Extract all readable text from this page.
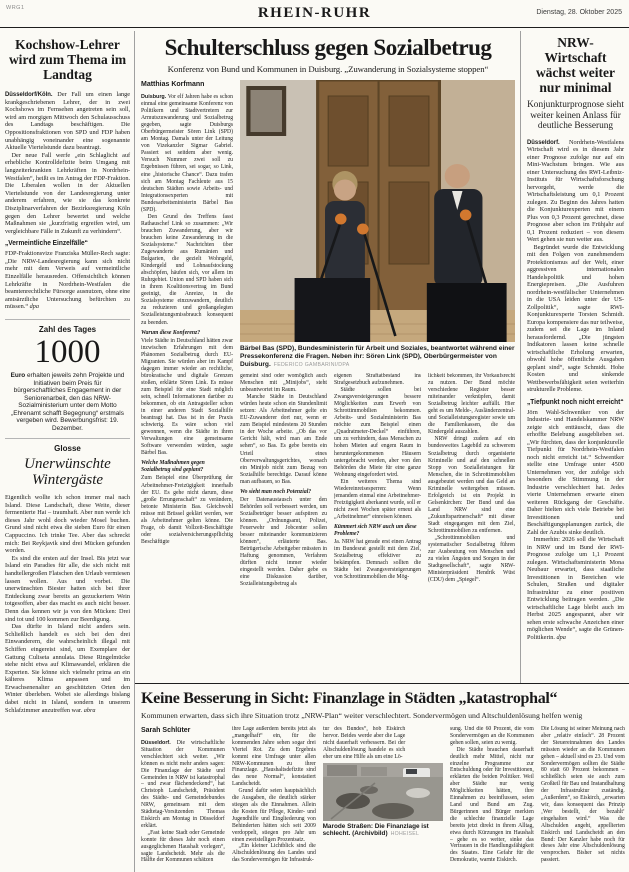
WRG1	RHEIN-RUHR	Dienstag, 28. Oktober 2025
Kochshow-Lehrer wird zum Thema im Landtag

Düsseldorf/Köln. Der Fall um einen lange krankgeschriebenen Lehrer, der in zwei Kochshows im Fernsehen angetreten sein soll, wird am morgigen Mittwoch den Schulausschuss des Landtags beschäftigen. Die Oppositionsfraktionen von SPD und FDP haben unabhängig voneinander eine sogenannte Aktuelle Viertelstunde dazu beantragt.

Der neue Fall werfe „ein Schlaglicht auf erhebliche Kontrolldefizite beim Umgang mit langzeiterkrankten Lehrkräften in Nordrhein-Westfalen“, heißt es im Antrag der FDP-Fraktion. Die Liberalen wollen in der Aktuellen Viertelstunde von der Landesregierung unter anderem erfahren, wie sie das konkrete Disziplinarverfahren der Bezirksregierung Köln gegen den Lehrer bewertet und welche Maßnahmen sie „kurzfristig ergreifen wird, um vergleichbare Fälle in Zukunft zu verhindern“.

„Vermeintliche Einzelfälle“

FDP-Fraktionsvize Franziska Müller-Rech sagte: „Die NRW-Landesregierung kann sich nicht mehr mit dem Verweis auf vermeintliche Einzelfälle herausreden. Offensichtlich können Lehrkräfte in Nordrhein-Westfalen die beamtenrechtliche Fürsorge ausnutzen, ohne eine amtsärztliche Untersuchung befürchten zu müssen.“ dpa

Zahl des Tages
1000

Euro erhalten jeweils zehn Projekte und Initiativen beim Preis für bürgerschaftliches Engagement in der Seniorenarbeit, den das NRW-Sozialministerium unter dem Motto „Ehrenamt schafft Begegnung“ erstmals vergeben wird. Bewerbungsfrist: 19. Dezember.

Glosse
Unerwünschte Wintergäste

Eigentlich wollte ich schon immer mal nach Island. Diese Landschaft, diese Weite, dieser fermentierte Hai – traumhaft. Aber nun werde ich dieses Jahr wohl doch wieder Mosel buchen. Grund sind nicht etwa die sieben Euro für einen Cappuccino. Ich trinke Tee. Aber das schreckt mich: Bei Reykjavik sind drei Mücken gefunden worden.

Es sind die ersten auf der Insel. Bis jetzt war Island ein Paradies für alle, die sich nicht mit handtellergroßen Flatschen den Urlaub vermiesen lassen wollen. Aus und vorbei. Die unerwünschten Biester hatten sich bei ihrer Entdeckung zwar bereits an gezuckertem Wein totgesoffen, aber das macht es auch nicht besser. Denn das kennen wir ja von den Mücken: Drei sind tot und 100 kommen zur Beerdigung.

Das dürfte in Island nicht anders sein. Schließlich handelt es sich bei den drei Einwanderern, die wahrscheinlich illegal mit Schiffen eingereist sind, um Exemplare der Gattung Culiseta annulata. Diese Ringelmücke stehe nicht etwa auf Klimawandel, erklären die Experten. Sie könne sich vielmehr prima an ein kälteres Klima anpassen und im Erwachsenenalter an geschützten Orten den Winter überleben. Wobei sie allerdings bislang dabei nicht in Island, sondern in unserem Schlafzimmer anzutreffen war. abra

Schulterschluss gegen Sozialbetrug

Konferenz von Bund und Kommunen in Duisburg. „Zuwanderung in Sozialsysteme stoppen“

Matthias Korfmann

Duisburg. Vor elf Jahren habe es schon einmal eine gemeinsame Konferenz von Politikern und Stadtvertretern zur Armutszuwanderung und Sozialbetrug gegeben, sagte Duisburgs Oberbürgermeister Sören Link (SPD) am Montag. Damals unter der Leitung von Vizekanzler Sigmar Gabriel. Passiert sei seitdem aber wenig. Versuch Nummer zwei soll zu Ergebnissen führen, sei sogar, so Link, eine „historische Chance“. Dazu trafen sich am Montag Fachleute aus 15 deutschen Städten sowie Arbeits- und Integrationsexperten mit Bundesarbeitsministerin Bärbel Bas (SPD).

Den Grund des Treffens fasst Rathauschef Link so zusammen: „Wir brauchen Zuwanderung, aber wir brauchen keine Zuwanderung in die Sozialsysteme.“ Nachrichten über Zugewanderte aus Rumänien und Bulgarien, die gezielt Wohngeld, Kindergeld und Lohnaufstockung abschöpfen, häufen sich, vor allem im Ruhrgebiet. Union und SPD haben sich in ihrem Koalitionsvertrag im Bund geeinigt, die Anreize, in die Sozialsysteme einzuwandern, deutlich zu reduzieren und großangelegten Sozialleistungsmissbrauch konsequent zu beenden.

Warum diese Konferenz?

Viele Städte in Deutschland hätten zwar inzwischen Erfahrungen mit dem Phänomen Sozialbetrug durch EU-Migranten. Sie würden aber im Kampf dagegen immer wieder an rechtliche, bürokratische und digitale Grenzen stoßen, erklärte Sören Link. Es müsse zum Beispiel für eine Stadt möglich sein, schnell Informationen darüber zu bekommen, ob ein Antragsteller schon in einer anderen Stadt Sozialhilfe beantragt hat. Das ist in der Praxis schwierig. Es wäre schon viel gewonnen, wenn die Städte in ihren Verwaltungen eine gemeinsame Software verwenden würden, sagte Bärbel Bas.

Welche Maßnahmen gegen Sozialbetrug sind geplant?

Zum Beispiel eine Überprüfung der Arbeitnehmer-Freizügigkeit innerhalb der EU. Es gehe nicht darum, diese „große Errungenschaft“ zu verändern, betonte Ministerin Bas. Gleichwohl müsse mit Brüssel geklärt werden, wer als Arbeitnehmer gelten könne. Die Frage, ob damit Vollzeit-Beschäftigte oder sozialversicherungspflichtig Beschäftigte

Bärbel Bas (SPD), Bundesministerin für Arbeit und Soziales, beantwortet während einer Pressekonferenz die Fragen. Neben ihr: Sören Link (SPD), Oberbürgermeister von Duisburg. FEDERICO GAMBARINI/DPA

gemeint sind oder womöglich auch Menschen mit „Minijobs“, steht unbeantwortet im Raum.

Manche Städte in Deutschland würden heute schon ein Stundenlimit setzen: Als Arbeitnehmer gelte ein EU-Zuwanderer dort nur, wenn er zum Beispiel mindestens 20 Stunden in der Woche arbeite. „Ob das vor Gericht hält, wird man am Ende sehen“, so Bas. Es gebe bereits ein Urteil eines Oberverwaltungsgerichtes, wonach ein Minijob nicht zum Bezug von Sozialhilfe berechtige. Darauf könne man aufbauen, so Bas.

Wo sieht man noch Potenzial?

Der Datenaustausch unter den Behörden soll verbessert werden, um Sozialbetrüger besser aufspüren zu können. „Ordnungsamt, Polizei, Feuerwehr und Jobcenter sollen besser miteinander kommunizieren können“, erläuterte Bas. Betrügerische Arbeitgeber müssten in Haftung genommen, Verfahren dürften nicht immer wieder eingestellt werden. Daher gebe es eine Diskussion darüber, Sozialleistungsbetrug als

eigenen Straftatbestand ins Strafgesetzbuch aufzunehmen.

Städte sollen bei Zwangsversteigerungen bessere Möglichkeiten zum Erwerb von Schrottimmobilien bekommen. Arbeits- und Sozialministerin Bas möchte zum Beispiel einen „Quadratmeter-Deckel“ einführen, um zu verhindern, dass Menschen zu hohen Mieten auf engem Raum in heruntergekommenen Häusern untergebracht werden, aber von den Behörden die Miete für eine ganze Wohnung eingefordert wird.

Ein weiteres Thema sind Wiedereinreisesperren: Wenn jemandem einmal eine Arbeitnehmer-Freizügigkeit aberkannt wurde, soll er nicht zwei Wochen später erneut als „Arbeitnehmer“ einreisen können.

Kümmert sich NRW auch um diese Probleme?

Ja. NRW hat gerade erst einen Antrag im Bundesrat gestellt mit dem Ziel, Sozialbetrug effektiver zu bekämpfen. Demnach sollten die Städte bei Zwangsversteigerungen von Schrottimmobilien die Mög-

lichkeit bekommen, ihr Vorkaufsrecht zu nutzen. Der Bund möchte verschiedene Register besser miteinander verknüpfen, damit Sozialbetrug leichter auffällt. Hier geht es um Melde-, Ausländerzentral- und Sozialleistungsregister sowie um die Familienkassen, die das Kindergeld auszahlen.

NRW dringt zudem auf ein bundesweites Lagebild zu schwerem Sozialbetrug durch organisierte Kriminelle und auf den schnellen Stopp von Sozialleistungen für Menschen, die in Schrottimmobilien ausgebeutet werden und das Geld an Kriminelle weitergeben müssen. Erfolgreich ist ein Projekt in Gelsenkirchen: Der Bund und das Land NRW sind eine „Zukunftspartnerschaft“ mit dieser Stadt eingegangen mit dem Ziel, Schrottimmobilien zu entfernen.

„Schrottimmobilien und systematischer Sozialbetrug führen zur Ausbeutung von Menschen und zu vielen Ängsten und Sorgen in der Stadtgesellschaft“, sagte NRW-Ministerpräsident Hendrik Wüst (CDU) dem „Spiegel“.

NRW-Wirtschaft wächst weiter nur minimal

Konjunkturprognose sieht weiter keinen Anlass für deutliche Besserung

Düsseldorf. Nordrhein-Westfalens Wirtschaft wird es in diesem Jahr einer Prognose zufolge nur auf ein Mini-Wachstum bringen. Wie aus einer Untersuchung des RWI-Leibniz-Instituts für Wirtschaftsforschung hervorgeht, werde die Wirtschaftsleistung um 0,1 Prozent zulegen. Zu Beginn des Jahres hatten die Konjunkturexperten mit einem Plus von 0,3 Prozent gerechnet, diese Prognose aber schon im Frühjahr auf 0,1 Prozent reduziert – von diesem Wert gehen sie nun weiter aus.

Begründet wurde die Entwicklung mit den Folgen von zunehmendem Protektionismus auf der Welt, einer aggressiven internationalen Handelspolitik und hohen Energiepreisen. „Die Ausfuhren nordrhein-westfälischer Unternehmen in die USA leiden unter der US-Zollpolitik“, sagte RWI-Konjunkturexperte Torsten Schmidt. Europa kompensiere das nur teilweise, zudem sei die Lage im Inland herausfordernd. „Die jüngsten Indikatoren lassen keine schnelle wirtschaftliche Erholung erwarten, obwohl hohe öffentliche Ausgaben geplant sind“, sagte Schmidt. Hohe Kosten und sinkende Wettbewerbsfähigkeit seien weiterhin strukturelle Probleme.

„Tiefpunkt noch nicht erreicht“

Jörn Wahl-Schwentker von der Industrie- und Handelskammer NRW zeigte sich enttäuscht, dass die erhoffte Belebung ausgeblieben sei. „Wir fürchten, dass der konjunkturelle Tiefpunkt für Nordrhein-Westfalen noch nicht erreicht ist.“ Schwentker stellte eine Umfrage unter 4500 Unternehmen vor, der zufolge sich besonders die Stimmung in der Industrie verschlechtert hat. Jedes vierte Unternehmen erwarte einen weiteren Rückgang der Geschäfte. Daher hielten sich viele Betriebe bei Investitionen und Beschäftigungsplanungen zurück, die Zahl der Azubis sinke deutlich.

Immerhin: 2026 soll die Wirtschaft in NRW und im Bund der RWI-Prognose zufolge um 1,1 Prozent zulegen. Wirtschaftsministerin Mona Neubaur erwartet, dass staatliche Investitionen in Bereichen wie Schulen, Straßen und digitaler Infrastruktur zu einer positiven Entwicklung beitragen werden. „Die wirtschaftliche Lage bleibt auch im Herbst 2025 angespannt, aber wir sehen erste schwache Anzeichen einer möglichen Wende“, sagte die Grünen-Politikerin. dpa

Keine Besserung in Sicht: Finanzlage in Städten „katastrophal“

Kommunen erwarten, dass sich ihre Situation trotz „NRW-Plan“ weiter verschlechtert. Sondervermögen und Altschuldenlösung helfen wenig

Sarah Schlüter

Düsseldorf. Die wirtschaftliche Situation der Kommunen verschlechtert sich weiter. „Wir können es nicht mehr anders sagen: Die Finanzlage der Städte und Gemeinden in NRW ist katastrophal – und zwar flächendeckend“, hat Christoph Landscheidt, Präsident des Städte- und Gemeindebundes NRW, gemeinsam mit dem Städtetag-Vorsitzenden Thomas Eiskirch am Montag in Düsseldorf erklärt.

„Fast keine Stadt oder Gemeinde konnte für dieses Jahr noch einen ausgeglichenen Haushalt vorlegen“, sagte Landscheidt. Mehr als die Hälfte der Kommunen schätzen

ihre Lage außerdem bereits jetzt als „mangelhaft“ ein, für die kommenden Jahre sehen sogar drei Viertel Rot. Zu dem Ergebnis kommt eine Umfrage unter allen NRW-Kommunen zu ihrer Finanzlage. „Haushaltsdefizite sind das neue Normal“, konstatiert Landscheidt.

Grund dafür seien hauptsächlich die Ausgaben, die deutlich stärker stiegen als die Einnahmen. Allein die Kosten für Pflege, Kinder- und Jugendhilfe und Eingliederung von Behinderten hätten sich seit 2009 verdoppelt, stiegen pro Jahr um einen zweistelligen Prozentsatz.

„Ein kleiner Lichtblick sind die Altschuldenlösung des Landes und das Sondervermögen für Infrastruk-

tur des Bundes“, hob Eiskirch hervor. Beides werde aber die Lage nicht dauerhaft verbessern. Bei der Altschuldenlösung handele es sich eher um eine Hilfe als um eine Lö-

Marode Straßen: Die Finanzlage ist schlecht. (Archivbild) HOHEISEL

sung. Und die 60 Prozent, die vom Sondervermögen an die Kommunen gehen sollen, seien zu wenig.

Die Städte brauchen dauerhaft deutlich mehr Mittel, nicht nur einzelne Programme zur Entschuldung oder für Investitionen, erklärten die beiden Politiker. Weil aber Städte nur wenig Möglichkeiten hätten, ihre Einnahmen zu beeinflussen, seien Land und Bund am Zug. Bürgerinnen und Bürger merkten die schlechte finanzielle Lage bereits jetzt direkt in ihrem Alltag, etwa durch Kürzungen im Haushalt – gehe es so weiter, sinke das Vertrauen in die Handlungsfähigkeit des Staates. Eine Gefahr für die Demokratie, warnte Eiskirch.

Die Lösung ist seiner Meinung nach aber „relativ einfach“. 28 Prozent der Steuereinnahmen des Landes müssten wieder an die Kommunen gehen – aktuell sind es 23. Und vom Sondervermögen sollten die Städte 80 statt 60 Prozent bekommen – schließlich seien sie auch zum Großteil für Bau und Instandhaltung der Infrastruktur zuständig. „Außerdem“, so Eiskirch, „erwarten wir, dass konsequent das Prinzip ‚Wer bestellt, der bezahlt‘ eingehalten wird.“ Was die Altschulden angeht, appellierten Eiskirch und Landscheidt an den Bund: Der Kanzler habe noch für dieses Jahr eine Altschuldenlösung versprochen. Bisher sei nichts passiert.
